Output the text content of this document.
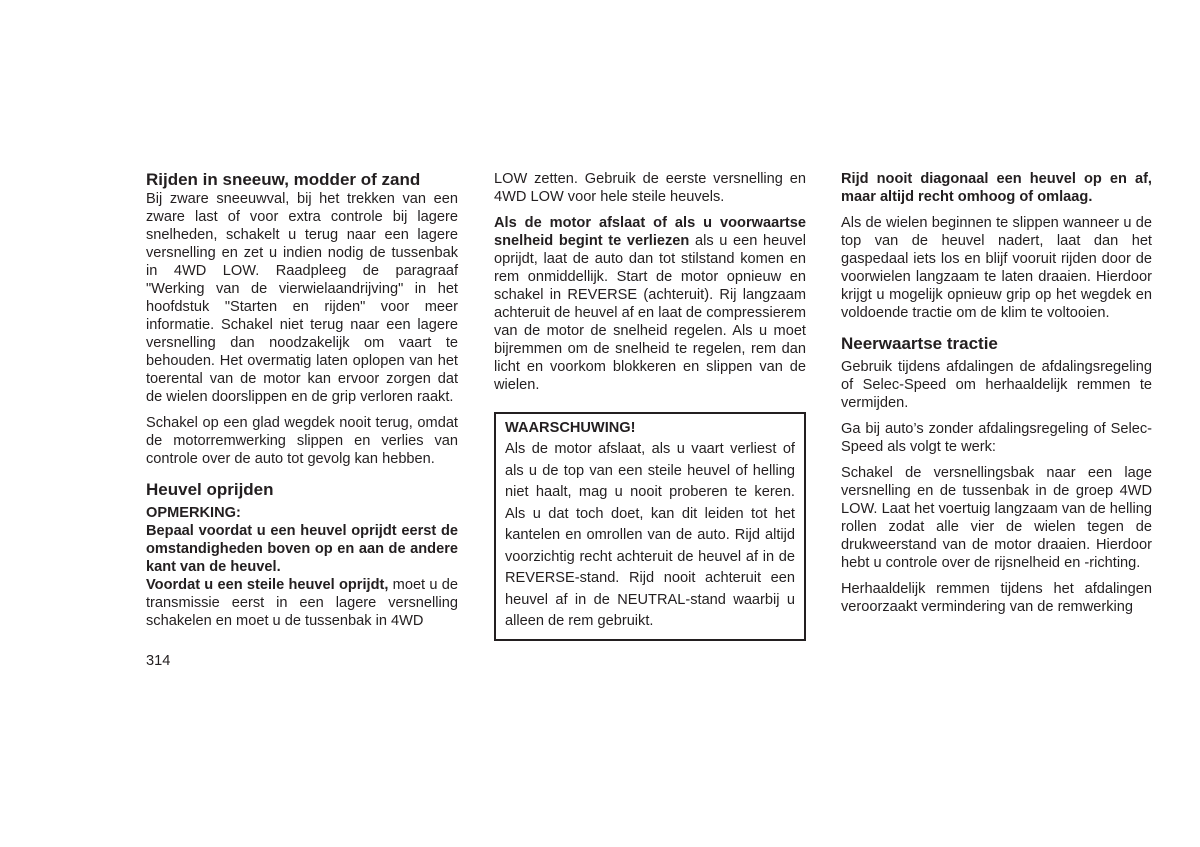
Rijden in sneeuw, modder of zand

Bij zware sneeuwval, bij het trekken van een zware last of voor extra controle bij lagere snelheden, schakelt u terug naar een lagere versnelling en zet u indien nodig de tussenbak in 4WD LOW. Raadpleeg de paragraaf "Werking van de vierwielaandrijving" in het hoofdstuk "Starten en rijden" voor meer informatie. Schakel niet terug naar een lagere versnelling dan noodzakelijk om vaart te behouden. Het overmatig laten oplopen van het toerental van de motor kan ervoor zorgen dat de wielen doorslippen en de grip verloren raakt.

Schakel op een glad wegdek nooit terug, omdat de motorremwerking slippen en verlies van controle over de auto tot gevolg kan hebben.

Heuvel oprijden
OPMERKING:

Bepaal voordat u een heuvel oprijdt eerst de omstandigheden boven op en aan de andere kant van de heuvel.

Voordat u een steile heuvel oprijdt, moet u de transmissie eerst in een lagere versnelling schakelen en moet u de tussenbak in 4WD

LOW zetten. Gebruik de eerste versnelling en 4WD LOW voor hele steile heuvels.

Als de motor afslaat of als u voorwaartse snelheid begint te verliezen als u een heuvel oprijdt, laat de auto dan tot stilstand komen en rem onmiddellijk. Start de motor opnieuw en schakel in REVERSE (achteruit). Rij langzaam achteruit de heuvel af en laat de compressierem van de motor de snelheid regelen. Als u moet bijremmen om de snelheid te regelen, rem dan licht en voorkom blokkeren en slippen van de wielen.

WAARSCHUWING!
Als de motor afslaat, als u vaart verliest of als u de top van een steile heuvel of helling niet haalt, mag u nooit proberen te keren. Als u dat toch doet, kan dit leiden tot het kantelen en omrollen van de auto. Rijd altijd voorzichtig recht achteruit de heuvel af in de REVERSE-stand. Rijd nooit achteruit een heuvel af in de NEUTRAL-stand waarbij u alleen de rem gebruikt.

Rijd nooit diagonaal een heuvel op en af, maar altijd recht omhoog of omlaag.

Als de wielen beginnen te slippen wanneer u de top van de heuvel nadert, laat dan het gaspedaal iets los en blijf vooruit rijden door de voorwielen langzaam te laten draaien. Hierdoor krijgt u mogelijk opnieuw grip op het wegdek en voldoende tractie om de klim te voltooien.

Neerwaartse tractie

Gebruik tijdens afdalingen de afdalingsregeling of Selec-Speed om herhaaldelijk remmen te vermijden.

Ga bij auto’s zonder afdalingsregeling of Selec-Speed als volgt te werk:

Schakel de versnellingsbak naar een lage versnelling en de tussenbak in de groep 4WD LOW. Laat het voertuig langzaam van de helling rollen zodat alle vier de wielen tegen de drukweerstand van de motor draaien. Hierdoor hebt u controle over de rijsnelheid en -richting.

Herhaaldelijk remmen tijdens het afdalingen veroorzaakt vermindering van de remwerking

314
